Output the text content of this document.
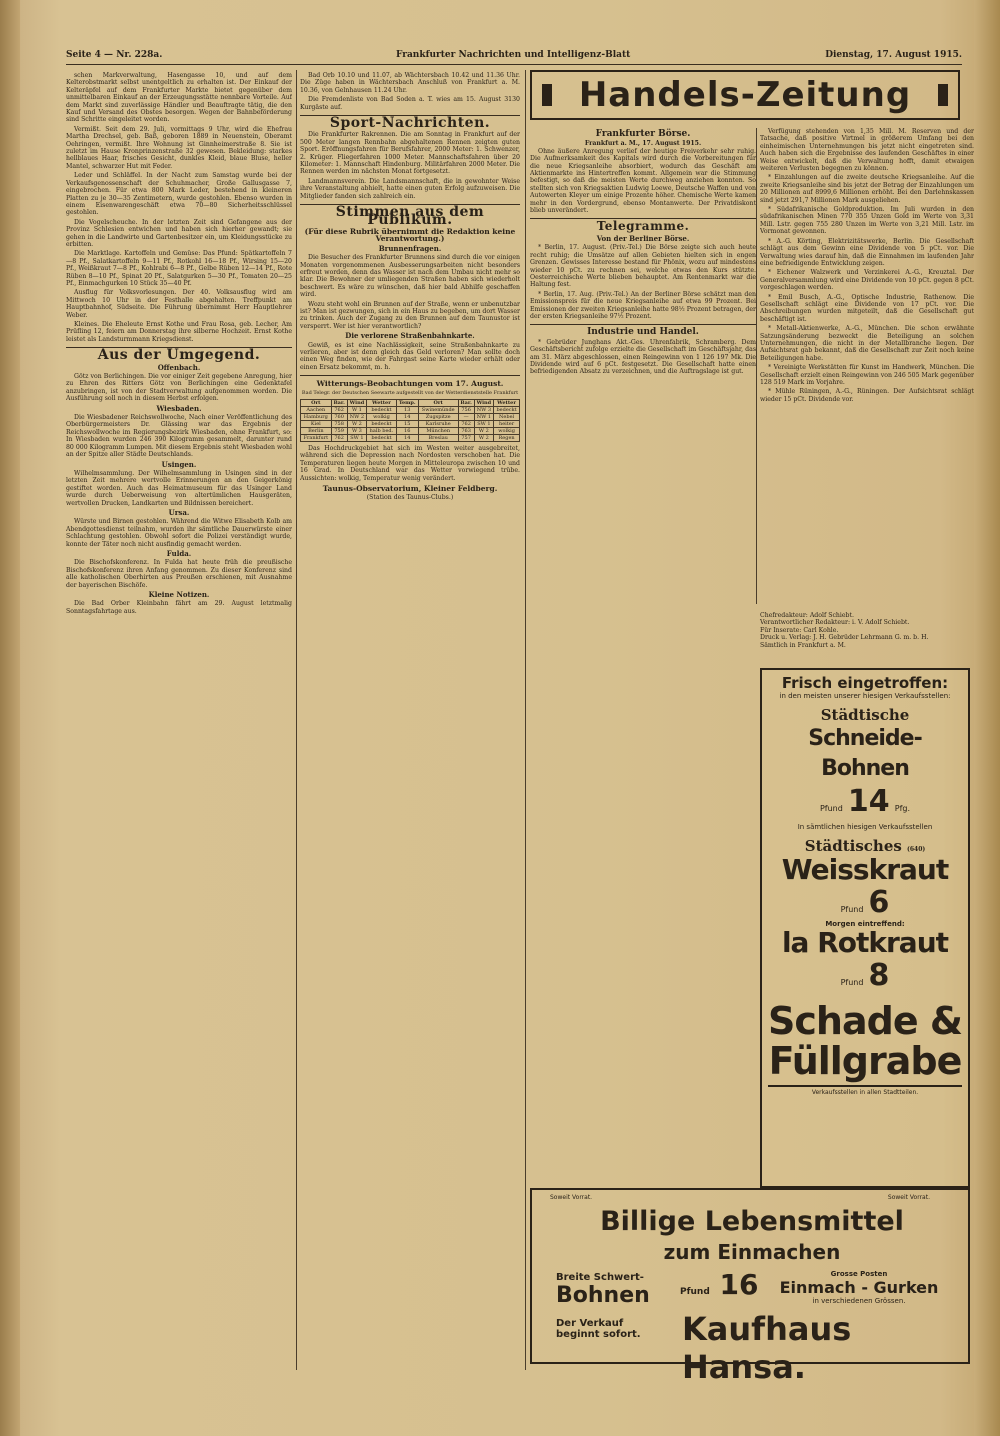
Seite 4 — Nr. 228a.	Frankfurter Nachrichten und Intelligenz-Blatt	Dienstag, 17. August 1915.

schen Markverwaltung, Hasengasse 10, und auf dem Kelterobstmarkt selbst unentgeltlich zu erhalten ist. Der Einkauf der Kelteräpfel auf dem Frankfurter Markte bietet gegenüber dem unmittelbaren Einkauf an der Erzeugungsstätte nennbare Vorteile. Auf dem Markt sind zuverlässige Händler und Beauftragte tätig, die den Kauf und Versand des Obstes besorgen. Wegen der Bahnbeförderung sind Schritte eingeleitet worden.

Vermißt. Seit dem 29. Juli, vormittags 9 Uhr, wird die Ehefrau Martha Drechsel, geb. Baß, geboren 1889 in Neuenstein, Oberamt Oehringen, vermißt. Ihre Wohnung ist Ginnheimerstraße 8. Sie ist zuletzt im Hause Kronprinzenstraße 32 gewesen. Bekleidung: starkes hellblaues Haar, frisches Gesicht, dunkles Kleid, blaue Bluse, heller Mantel, schwarzer Hut mit Feder.

Leder und Schläffel. In der Nacht zum Samstag wurde bei der Verkaufsgenossenschaft der Schuhmacher, Große Gallusgasse 7, eingebrochen. Für etwa 800 Mark Leder, bestehend in kleineren Platten zu je 30—35 Zentimetern, wurde gestohlen. Ebenso wurden in einem Eisenwarengeschäft etwa 70—80 Sicherheitsschlüssel gestohlen.

Die Vogelscheuche. In der letzten Zeit sind Gefangene aus der Provinz Schlesien entwichen und haben sich hierher gewandt; sie gehen in die Landwirte und Gartenbesitzer ein, um Kleidungsstücke zu erbitten.

Die Marktlage. Kartoffeln und Gemüse: Das Pfund: Spätkartoffeln 7—8 Pf., Salatkartoffeln 9—11 Pf., Rotkohl 16—18 Pf., Wirsing 15—20 Pf., Weißkraut 7—8 Pf., Kohlrabi 6—8 Pf., Gelbe Rüben 12—14 Pf., Rote Rüben 8—10 Pf., Spinat 20 Pf., Salatgurken 5—30 Pf., Tomaten 20—25 Pf., Einmachgurken 10 Stück 35—40 Pf.

Ausflug für Volksvorlesungen. Der 40. Volksausflug wird am Mittwoch 10 Uhr in der Festhalle abgehalten. Treffpunkt am Hauptbahnhof, Südseite. Die Führung übernimmt Herr Hauptlehrer Weber.

Kleines. Die Eheleute Ernst Kothe und Frau Rosa, geb. Lecher, Am Prüfling 12, feiern am Donnerstag ihre silberne Hochzeit. Ernst Kothe leistet als Landsturmmann Kriegsdienst.

Aus der Umgegend.
Offenbach.

Götz von Berlichingen. Die vor einiger Zeit gegebene Anregung, hier zu Ehren des Ritters Götz von Berlichingen eine Gedenktafel anzubringen, ist von der Stadtverwaltung aufgenommen worden. Die Ausführung soll noch in diesem Herbst erfolgen.

Wiesbaden.

Die Wiesbadener Reichswollwoche, Nach einer Veröffentlichung des Oberbürgermeisters Dr. Glässing war das Ergebnis der Reichswollwoche im Regierungsbezirk Wiesbaden, ohne Frankfurt, so: In Wiesbaden wurden 246 390 Kilogramm gesammelt, darunter rund 80 000 Kilogramm Lumpen. Mit diesem Ergebnis steht Wiesbaden wohl an der Spitze aller Städte Deutschlands.

Usingen.

Wilhelmsammlung. Der Wilhelmsammlung in Usingen sind in der letzten Zeit mehrere wertvolle Erinnerungen an den Geigerkönig gestiftet worden. Auch das Heimatmuseum für das Usinger Land wurde durch Ueberweisung von altertümlichen Hausgeräten, wertvollen Drucken, Landkarten und Bildnissen bereichert.

Ursa.

Würste und Birnen gestohlen. Während die Witwe Elisabeth Kolb am Abendgottesdienst teilnahm, wurden ihr sämtliche Dauerwürste einer Schlachtung gestohlen. Obwohl sofort die Polizei verständigt wurde, konnte der Täter noch nicht ausfindig gemacht werden.

Fulda.

Die Bischofskonferenz. In Fulda hat heute früh die preußische Bischofskonferenz ihren Anfang genommen. Zu dieser Konferenz sind alle katholischen Oberhirten aus Preußen erschienen, mit Ausnahme der bayerischen Bischöfe.

Kleine Notizen.

Die Bad Orber Kleinbahn fährt am 29. August letztmalig Sonntagsfahrtage aus.

Bad Orb 10.10 und 11.07, ab Wächtersbach 10.42 und 11.36 Uhr. Die Züge haben in Wächtersbach Anschluß von Frankfurt a. M. 10.36, von Gelnhausen 11.24 Uhr.

Die Fremdenliste von Bad Soden a. T. wies am 15. August 3130 Kurgäste auf.

Sport-Nachrichten.

Die Frankfurter Rakrennen. Die am Sonntag in Frankfurt auf der 500 Meter langen Rennbahn abgehaltenen Rennen zeigten guten Sport. Eröffnungsfahren für Berufsfahrer, 2000 Meter: 1. Schwenzer, 2. Krüger. Fliegerfahren 1000 Meter. Mannschaftsfahren über 20 Kilometer: 1. Mannschaft Hindenburg. Militärfahren 2000 Meter. Die Rennen werden im nächsten Monat fortgesetzt.

Landmannsverein. Die Landsmannschaft, die in gewohnter Weise ihre Veranstaltung abhielt, hatte einen guten Erfolg aufzuweisen. Die Mitglieder fanden sich zahlreich ein.

Stimmen aus dem Publikum.
(Für diese Rubrik übernimmt die Redaktion keine Verantwortung.)
Brunnenfragen.

Die Besucher des Frankfurter Brunnens sind durch die vor einigen Monaten vorgenommenen Ausbesserungsarbeiten nicht besonders erfreut worden, denn das Wasser ist nach dem Umbau nicht mehr so klar. Die Bewohner der umliegenden Straßen haben sich wiederholt beschwert. Es wäre zu wünschen, daß hier bald Abhilfe geschaffen wird.

Wozu steht wohl ein Brunnen auf der Straße, wenn er unbenutzbar ist? Man ist gezwungen, sich in ein Haus zu begeben, um dort Wasser zu trinken. Auch der Zugang zu den Brunnen auf dem Taunustor ist versperrt. Wer ist hier verantwortlich?

Die verlorene Straßenbahnkarte.

Gewiß, es ist eine Nachlässigkeit, seine Straßenbahnkarte zu verlieren, aber ist denn gleich das Geld verloren? Man sollte doch einen Weg finden, wie der Fahrgast seine Karte wieder erhält oder einen Ersatz bekommt, m. h.

Witterungs-Beobachtungen vom 17. August.
Bad Telegr. der Deutschen Seewarte aufgestellt von der Wetterdienststelle Frankfurt
Ort	Bar.	Wind	Wetter	Temp.	Ort	Bar.	Wind	Wetter
Aachen	762	W 1	bedeckt	13	Swinemünde	756	NW 3	bedeckt
Hamburg	760	NW 2	wolkig	14	Zugspitze	—	NW 1	Nebel
Kiel	758	W 2	bedeckt	15	Karlsruhe	762	SW 1	heiter
Berlin	759	W 3	halb bed.	16	München	763	W 2	wolkig
Frankfurt	762	SW 1	bedeckt	14	Breslau	757	W 2	Regen

Das Hochdruckgebiet hat sich im Westen weiter ausgebreitet, während sich die Depression nach Nordosten verschoben hat. Die Temperaturen liegen heute Morgen in Mitteleuropa zwischen 10 und 16 Grad. In Deutschland war das Wetter vorwiegend trübe. Aussichten: wolkig, Temperatur wenig verändert.

Taunus-Observatorium, Kleiner Feldberg.
(Station des Taunus-Clubs.)
Handels-Zeitung
Frankfurter Börse.
Frankfurt a. M., 17. August 1915.

Ohne äußere Anregung verlief der heutige Freiverkehr sehr ruhig. Die Aufmerksamkeit des Kapitals wird durch die Vorbereitungen für die neue Kriegsanleihe absorbiert, wodurch das Geschäft am Aktienmarkte ins Hintertreffen kommt. Allgemein war die Stimmung befestigt, so daß die meisten Werte durchweg anziehen konnten. So stellten sich von Kriegsaktien Ludwig Loewe, Deutsche Waffen und von Autowerten Kleyer um einige Prozente höher. Chemische Werte kamen mehr in den Vordergrund, ebenso Montanwerte. Der Privatdiskont blieb unverändert.

Telegramme.
Von der Berliner Börse.

* Berlin, 17. August. (Priv.-Tel.) Die Börse zeigte sich auch heute recht ruhig; die Umsätze auf allen Gebieten hielten sich in engen Grenzen. Gewisses Interesse bestand für Phönix, wozu auf mindestens wieder 10 pCt. zu rechnen sei, welche etwas den Kurs stützte. Oesterreichische Werte blieben behauptet. Am Rentenmarkt war die Haltung fest.

* Berlin, 17. Aug. (Priv.-Tel.) An der Berliner Börse schätzt man den Emissionspreis für die neue Kriegsanleihe auf etwa 99 Prozent. Bei Emissionen der zweiten Kriegsanleihe hatte 98½ Prozent betragen, der der ersten Kriegsanleihe 97½ Prozent.

Industrie und Handel.

* Gebrüder Junghans Akt.-Ges. Uhrenfabrik, Schramberg. Dem Geschäftsbericht zufolge erzielte die Gesellschaft im Geschäftsjahr, das am 31. März abgeschlossen, einen Reingewinn von 1 126 197 Mk. Die Dividende wird auf 6 pCt. festgesetzt. Die Gesellschaft hatte einen befriedigenden Absatz zu verzeichnen, und die Auftragslage ist gut.

Verfügung stehenden von 1,35 Mill. M. Reserven und der Tatsache, daß positive Virtmel in größerem Umfang bei den einheimischen Unternehmungen bis jetzt nicht eingetreten sind. Auch haben sich die Ergebnisse des laufenden Geschäftes in einer Weise entwickelt, daß die Verwaltung hofft, damit etwaigen weiteren Verlusten begegnen zu können.

* Einzahlungen auf die zweite deutsche Kriegsanleihe. Auf die zweite Kriegsanleihe sind bis jetzt der Betrag der Einzahlungen um 20 Millionen auf 8999,6 Millionen erhöht. Bei den Darlehnskassen sind jetzt 291,7 Millionen Mark ausgeliehen.

* Südafrikanische Goldproduktion. Im Juli wurden in den südafrikanischen Minen 770 355 Unzen Gold im Werte von 3,31 Mill. Lstr. gegen 755 280 Unzen im Werte von 3,21 Mill. Lstr. im Vormonat gewonnen.

* A.-G. Körting, Elektrizitätswerke, Berlin. Die Gesellschaft schlägt aus dem Gewinn eine Dividende von 5 pCt. vor. Die Verwaltung wies darauf hin, daß die Einnahmen im laufenden Jahr eine befriedigende Entwicklung zeigen.

* Eichener Walzwerk und Verzinkerei A.-G., Kreuztal. Der Generalversammlung wird eine Dividende von 10 pCt. gegen 8 pCt. vorgeschlagen werden.

* Emil Busch, A.-G., Optische Industrie, Rathenow. Die Gesellschaft schlägt eine Dividende von 17 pCt. vor. Die Abschreibungen wurden mitgeteilt, daß die Gesellschaft gut beschäftigt ist.

* Metall-Aktienwerke, A.-G., München. Die schon erwähnte Satzungsänderung bezweckt die Beteiligung an solchen Unternehmungen, die nicht in der Metallbranche liegen. Der Aufsichtsrat gab bekannt, daß die Gesellschaft zur Zeit noch keine Beteiligungen habe.

* Vereinigte Werkstätten für Kunst im Handwerk, München. Die Gesellschaft erzielt einen Reingewinn von 246 505 Mark gegenüber 128 519 Mark im Vorjahre.

* Mühle Rüningen, A.-G., Rüningen. Der Aufsichtsrat schlägt wieder 15 pCt. Dividende vor.

Chefredakteur: Adolf Schiebt.
Verantwortlicher Redakteur: i. V. Adolf Schiebt.
Für Inserate: Carl Kohle.
Druck u. Verlag: J. H. Gebrüder Lehrmann G. m. b. H.
Sämtlich in Frankfurt a. M.
Frisch eingetroffen:
in den meisten unserer hiesigen Verkaufsstellen:
Städtische
Schneide-Bohnen
Pfund 14 Pfg.
In sämtlichen hiesigen Verkaufsstellen
Städtisches (640)
Weisskraut Pfund 6
Morgen eintreffend:
la Rotkraut Pfund 8
Schade &
Füllgrabe
Verkaufsstellen in allen Stadtteilen.
Soweit Vorrat.	Soweit Vorrat.
Billige Lebensmittel
zum Einmachen
Breite Schwert-
Bohnen	Pfund 16	Grosse Posten
Einmach - Gurken
in verschiedenen Grössen.
Der Verkauf
beginnt sofort. Kaufhaus Hansa.
